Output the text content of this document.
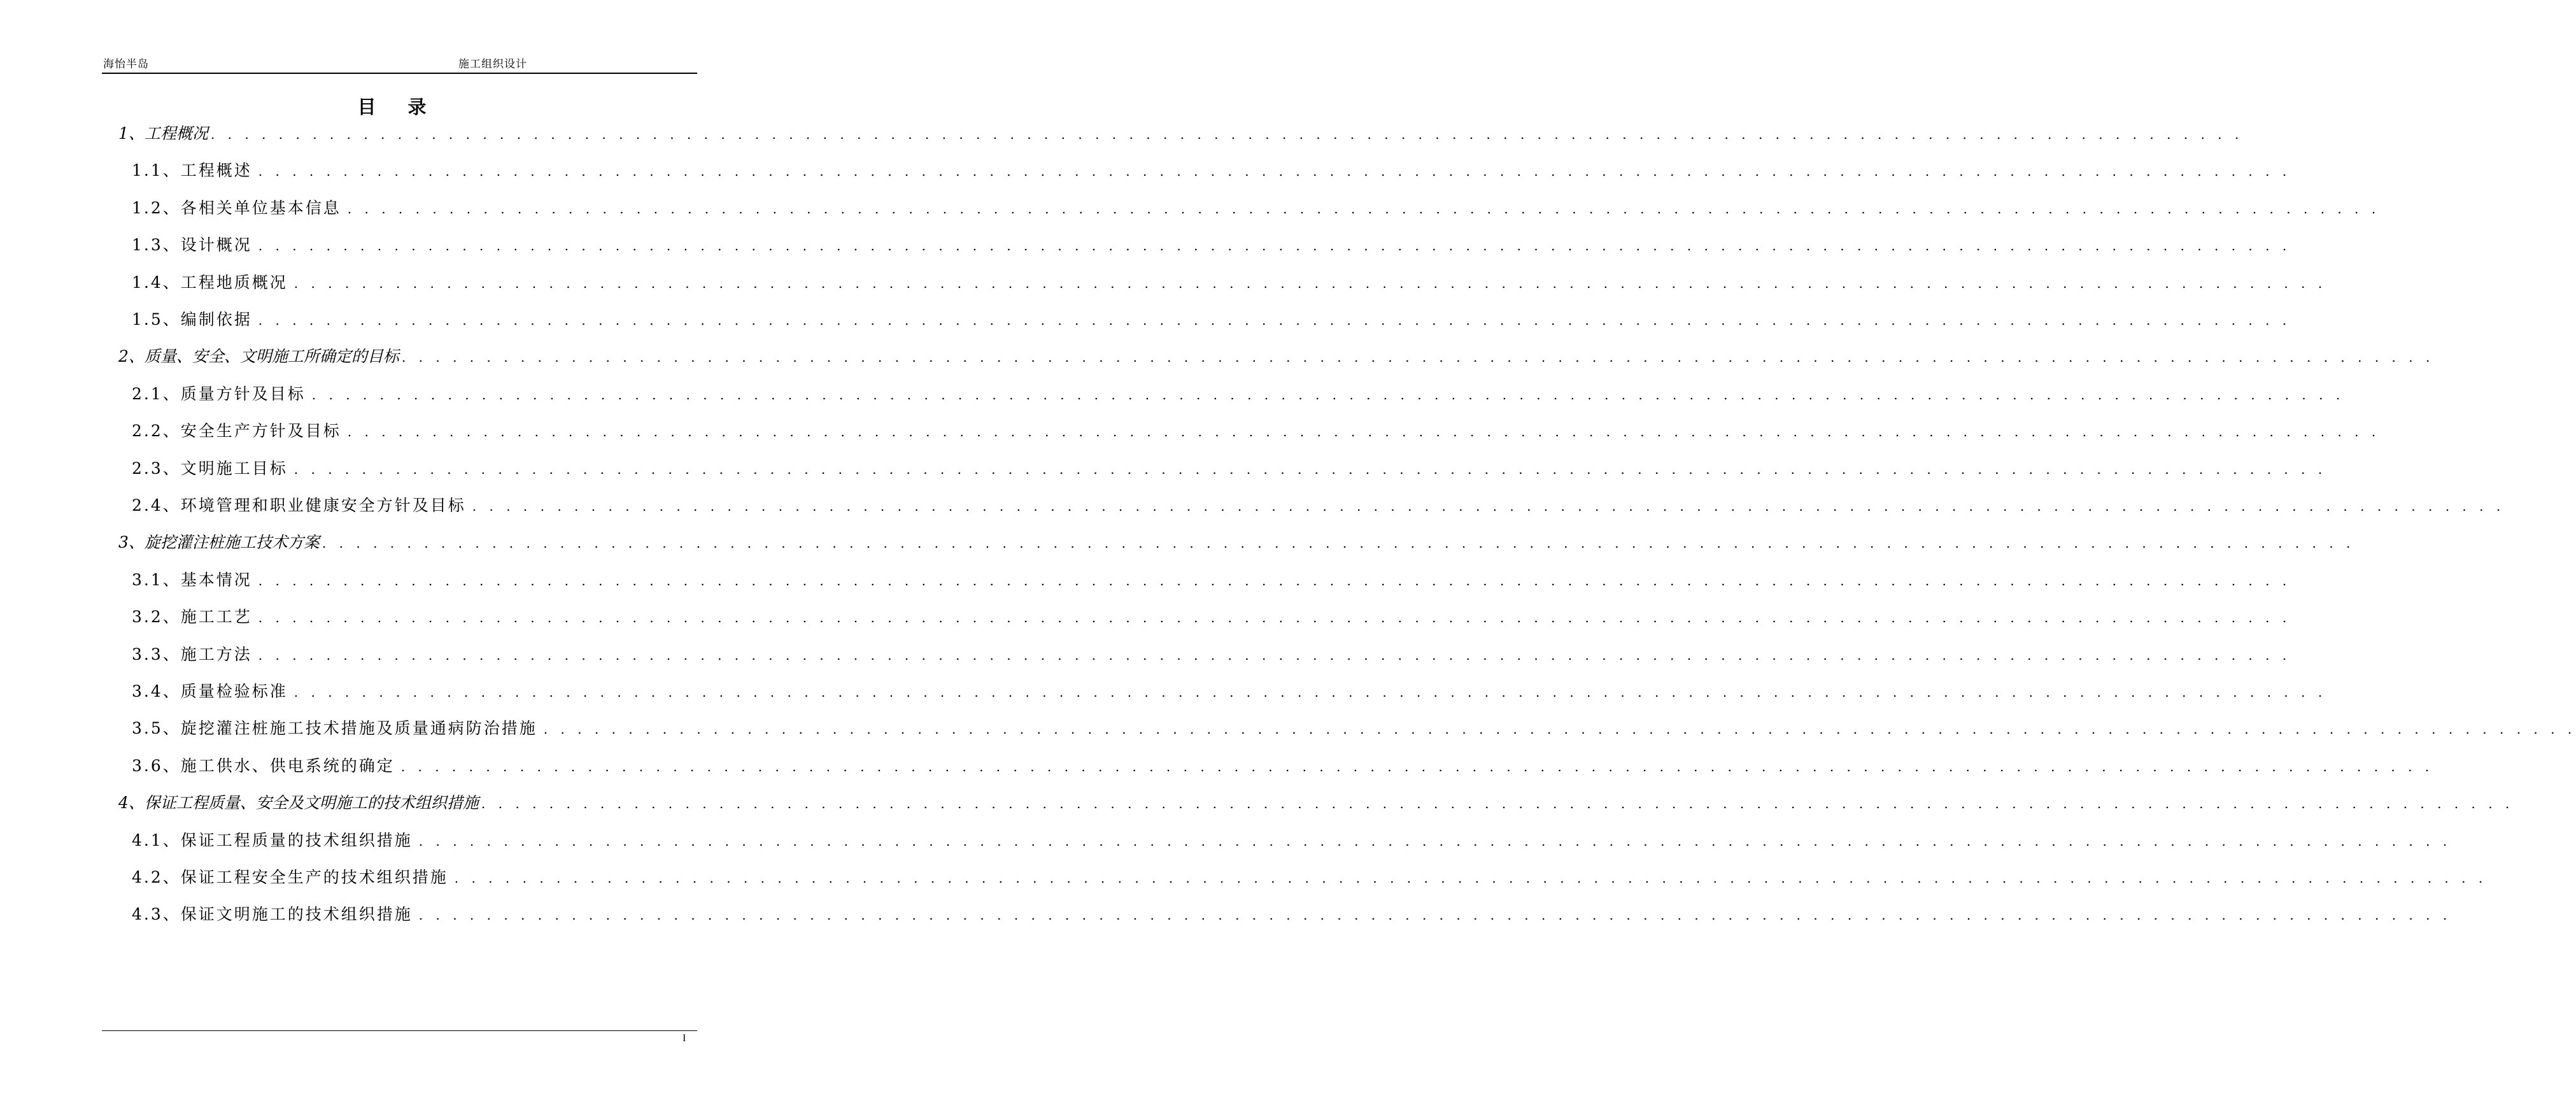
海怡半岛	施工组织设计
目 录
1、工程概况 . . . . . . . . . . . . . . . . . . . . . . . . . . . . . . . . . . . . . . . . . . . . . . . . . . . . . . . . . . . . . . . . . . . . . . . . . . . . . . . . . . . . . . . . . . . . . . . . . . . . . . . . . . . . . . . . . . . . . . . .
1.1、工程概述 . . . . . . . . . . . . . . . . . . . . . . . . . . . . . . . . . . . . . . . . . . . . . . . . . . . . . . . . . . . . . . . . . . . . . . . . . . . . . . . . . . . . . . . . . . . . . . . . . . . . . . . . . . . . . . . . . . . . . . . .
1.2、各相关单位基本信息 . . . . . . . . . . . . . . . . . . . . . . . . . . . . . . . . . . . . . . . . . . . . . . . . . . . . . . . . . . . . . . . . . . . . . . . . . . . . . . . . . . . . . . . . . . . . . . . . . . . . . . . . . . . . . . . . . . . . . . . .
1.3、设计概况 . . . . . . . . . . . . . . . . . . . . . . . . . . . . . . . . . . . . . . . . . . . . . . . . . . . . . . . . . . . . . . . . . . . . . . . . . . . . . . . . . . . . . . . . . . . . . . . . . . . . . . . . . . . . . . . . . . . . . . . .
1.4、工程地质概况 . . . . . . . . . . . . . . . . . . . . . . . . . . . . . . . . . . . . . . . . . . . . . . . . . . . . . . . . . . . . . . . . . . . . . . . . . . . . . . . . . . . . . . . . . . . . . . . . . . . . . . . . . . . . . . . . . . . . . . . .
1.5、编制依据 . . . . . . . . . . . . . . . . . . . . . . . . . . . . . . . . . . . . . . . . . . . . . . . . . . . . . . . . . . . . . . . . . . . . . . . . . . . . . . . . . . . . . . . . . . . . . . . . . . . . . . . . . . . . . . . . . . . . . . . .
2、质量、安全、文明施工所确定的目标 . . . . . . . . . . . . . . . . . . . . . . . . . . . . . . . . . . . . . . . . . . . . . . . . . . . . . . . . . . . . . . . . . . . . . . . . . . . . . . . . . . . . . . . . . . . . . . . . . . . . . . . . . . . . . . . . . . . . . . . .
2.1、质量方针及目标 . . . . . . . . . . . . . . . . . . . . . . . . . . . . . . . . . . . . . . . . . . . . . . . . . . . . . . . . . . . . . . . . . . . . . . . . . . . . . . . . . . . . . . . . . . . . . . . . . . . . . . . . . . . . . . . . . . . . . . . .
2.2、安全生产方针及目标 . . . . . . . . . . . . . . . . . . . . . . . . . . . . . . . . . . . . . . . . . . . . . . . . . . . . . . . . . . . . . . . . . . . . . . . . . . . . . . . . . . . . . . . . . . . . . . . . . . . . . . . . . . . . . . . . . . . . . . . .
2.3、文明施工目标 . . . . . . . . . . . . . . . . . . . . . . . . . . . . . . . . . . . . . . . . . . . . . . . . . . . . . . . . . . . . . . . . . . . . . . . . . . . . . . . . . . . . . . . . . . . . . . . . . . . . . . . . . . . . . . . . . . . . . . . .
2.4、环境管理和职业健康安全方针及目标 . . . . . . . . . . . . . . . . . . . . . . . . . . . . . . . . . . . . . . . . . . . . . . . . . . . . . . . . . . . . . . . . . . . . . . . . . . . . . . . . . . . . . . . . . . . . . . . . . . . . . . . . . . . . . . . . . . . . . . . .
3、旋挖灌注桩施工技术方案 . . . . . . . . . . . . . . . . . . . . . . . . . . . . . . . . . . . . . . . . . . . . . . . . . . . . . . . . . . . . . . . . . . . . . . . . . . . . . . . . . . . . . . . . . . . . . . . . . . . . . . . . . . . . . . . . . . . . . . . .
3.1、基本情况 . . . . . . . . . . . . . . . . . . . . . . . . . . . . . . . . . . . . . . . . . . . . . . . . . . . . . . . . . . . . . . . . . . . . . . . . . . . . . . . . . . . . . . . . . . . . . . . . . . . . . . . . . . . . . . . . . . . . . . . .
3.2、施工工艺 . . . . . . . . . . . . . . . . . . . . . . . . . . . . . . . . . . . . . . . . . . . . . . . . . . . . . . . . . . . . . . . . . . . . . . . . . . . . . . . . . . . . . . . . . . . . . . . . . . . . . . . . . . . . . . . . . . . . . . . .
3.3、施工方法 . . . . . . . . . . . . . . . . . . . . . . . . . . . . . . . . . . . . . . . . . . . . . . . . . . . . . . . . . . . . . . . . . . . . . . . . . . . . . . . . . . . . . . . . . . . . . . . . . . . . . . . . . . . . . . . . . . . . . . . .
3.4、质量检验标准 . . . . . . . . . . . . . . . . . . . . . . . . . . . . . . . . . . . . . . . . . . . . . . . . . . . . . . . . . . . . . . . . . . . . . . . . . . . . . . . . . . . . . . . . . . . . . . . . . . . . . . . . . . . . . . . . . . . . . . . .
3.5、旋挖灌注桩施工技术措施及质量通病防治措施 . . . . . . . . . . . . . . . . . . . . . . . . . . . . . . . . . . . . . . . . . . . . . . . . . . . . . . . . . . . . . . . . . . . . . . . . . . . . . . . . . . . . . . . . . . . . . . . . . . . . . . . . . . . . . . . . . . . . . . . .
3.6、施工供水、供电系统的确定 . . . . . . . . . . . . . . . . . . . . . . . . . . . . . . . . . . . . . . . . . . . . . . . . . . . . . . . . . . . . . . . . . . . . . . . . . . . . . . . . . . . . . . . . . . . . . . . . . . . . . . . . . . . . . . . . . . . . . . . .
4、保证工程质量、安全及文明施工的技术组织措施 . . . . . . . . . . . . . . . . . . . . . . . . . . . . . . . . . . . . . . . . . . . . . . . . . . . . . . . . . . . . . . . . . . . . . . . . . . . . . . . . . . . . . . . . . . . . . . . . . . . . . . . . . . . . . . . . . . . . . . . .
4.1、保证工程质量的技术组织措施 . . . . . . . . . . . . . . . . . . . . . . . . . . . . . . . . . . . . . . . . . . . . . . . . . . . . . . . . . . . . . . . . . . . . . . . . . . . . . . . . . . . . . . . . . . . . . . . . . . . . . . . . . . . . . . . . . . . . . . . .
4.2、保证工程安全生产的技术组织措施 . . . . . . . . . . . . . . . . . . . . . . . . . . . . . . . . . . . . . . . . . . . . . . . . . . . . . . . . . . . . . . . . . . . . . . . . . . . . . . . . . . . . . . . . . . . . . . . . . . . . . . . . . . . . . . . . . . . . . . . .
4.3、保证文明施工的技术组织措施 . . . . . . . . . . . . . . . . . . . . . . . . . . . . . . . . . . . . . . . . . . . . . . . . . . . . . . . . . . . . . . . . . . . . . . . . . . . . . . . . . . . . . . . . . . . . . . . . . . . . . . . . . . . . . . . . . . . . . . . .
I
